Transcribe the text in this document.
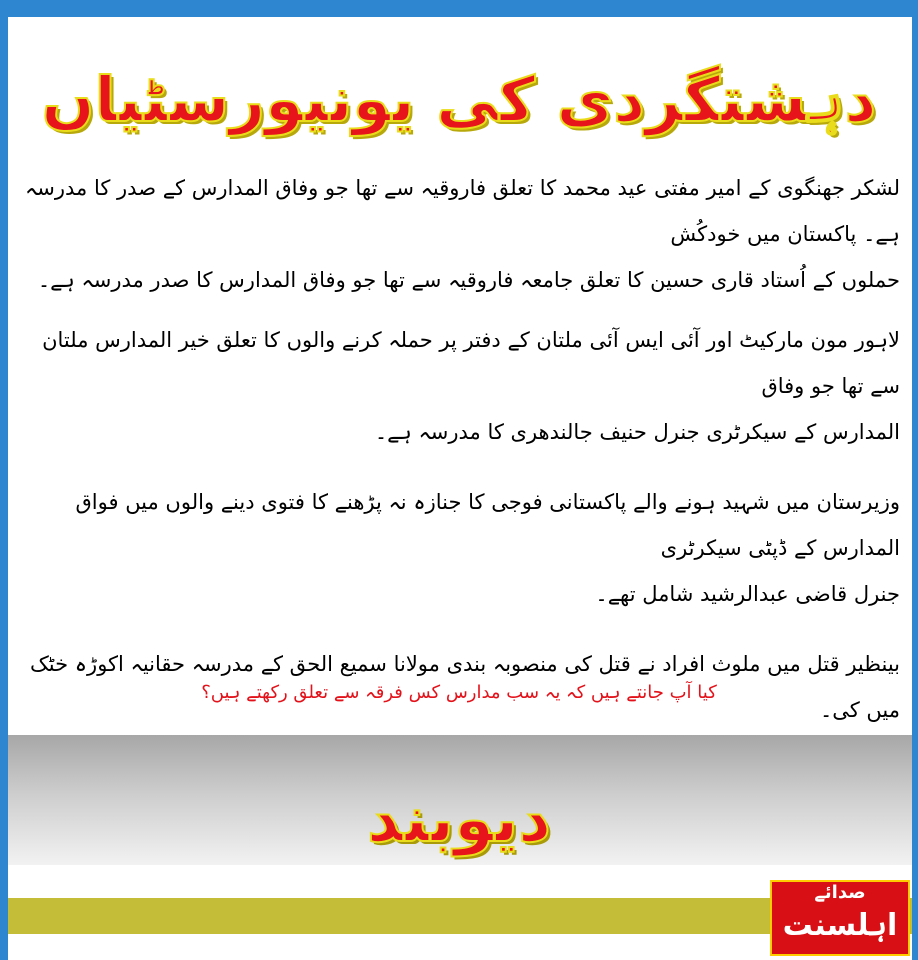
دہشتگردی کی یونیورسٹیاں
لشکر جھنگوی کے امیر مفتی عید محمد کا تعلق فاروقیہ سے تھا جو وفاق المدارس کے صدر کا مدرسہ ہے۔ پاکستان میں خودکُش
حملوں کے اُستاد قاری حسین کا تعلق جامعہ فاروقیہ سے تھا جو وفاق المدارس کا صدر مدرسہ ہے۔
لاہور مون مارکیٹ اور آئی ایس آئی ملتان کے دفتر پر حملہ کرنے والوں کا تعلق خیر المدارس ملتان سے تھا جو وفاق
المدارس کے سیکرٹری جنرل حنیف جالندھری کا مدرسہ ہے۔
وزیرستان میں شہید ہونے والے پاکستانی فوجی کا جنازہ نہ پڑھنے کا فتوی دینے والوں میں فواق المدارس کے ڈپٹی سیکرٹری
جنرل قاضی عبدالرشید شامل تھے۔
بینظیر قتل میں ملوث افراد نے قتل کی منصوبہ بندی مولانا سمیع الحق کے مدرسہ حقانیہ اکوڑہ خٹک میں کی۔
کیا آپ جانتے ہیں کہ یہ سب مدارس کس فرقہ سے تعلق رکھتے ہیں؟
دیوبند
صدائے
اہلسنت
